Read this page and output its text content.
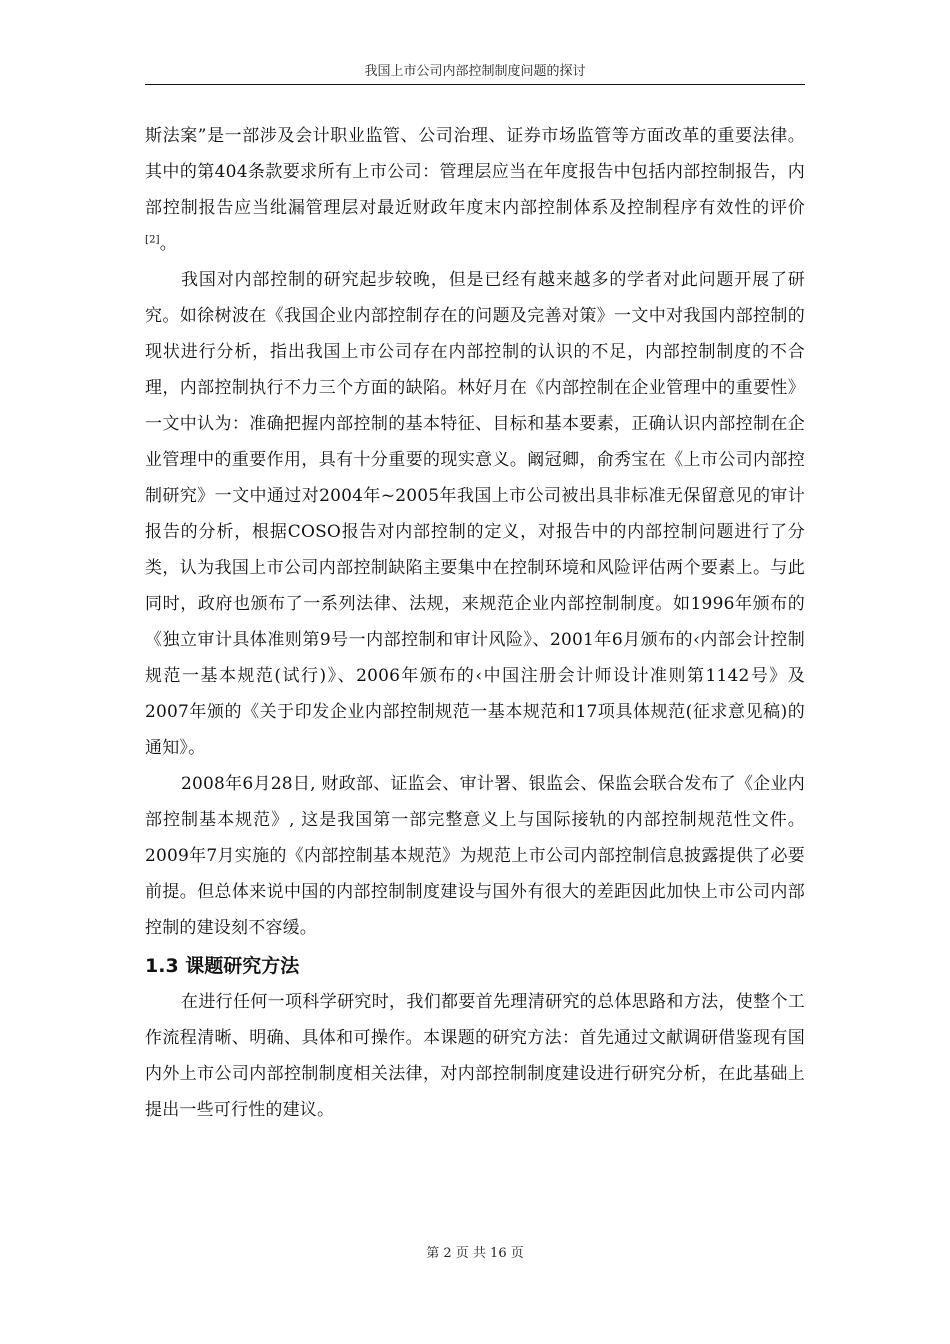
我国上市公司内部控制制度问题的探讨

斯法案”是一部涉及会计职业监管、公司治理、证券市场监管等方面改革的重要法律。其中的第404条款要求所有上市公司：管理层应当在年度报告中包括内部控制报告，内部控制报告应当纰漏管理层对最近财政年度末内部控制体系及控制程序有效性的评价[2]。

我国对内部控制的研究起步较晚，但是已经有越来越多的学者对此问题开展了研究。如徐树波在《我国企业内部控制存在的问题及完善对策》一文中对我国内部控制的现状进行分析，指出我国上市公司存在内部控制的认识的不足，内部控制制度的不合理，内部控制执行不力三个方面的缺陷。林好月在《内部控制在企业管理中的重要性》一文中认为：准确把握内部控制的基本特征、目标和基本要素，正确认识内部控制在企业管理中的重要作用，具有十分重要的现实意义。阚冠卿，俞秀宝在《上市公司内部控制研究》一文中通过对2004年~2005年我国上市公司被出具非标准无保留意见的审计报告的分析，根据COSO报告对内部控制的定义，对报告中的内部控制问题进行了分类，认为我国上市公司内部控制缺陷主要集中在控制环境和风险评估两个要素上。与此同时，政府也颁布了一系列法律、法规，来规范企业内部控制制度。如1996年颁布的《独立审计具体准则第9号一内部控制和审计风险》、2001年6月颁布的‹内部会计控制规范一基本规范(试行)》、2006年颁布的‹中国注册会计师设计准则第1142号》及2007年颁的《关于印发企业内部控制规范一基本规范和17项具体规范(征求意见稿)的通知》。

2008年6月28日, 财政部、证监会、审计署、银监会、保监会联合发布了《企业内部控制基本规范》, 这是我国第一部完整意义上与国际接轨的内部控制规范性文件。2009年7月实施的《内部控制基本规范》为规范上市公司内部控制信息披露提供了必要前提。但总体来说中国的内部控制制度建设与国外有很大的差距因此加快上市公司内部控制的建设刻不容缓。

1.3 课题研究方法

在进行任何一项科学研究时，我们都要首先理清研究的总体思路和方法，使整个工作流程清晰、明确、具体和可操作。本课题的研究方法：首先通过文献调研借鉴现有国内外上市公司内部控制制度相关法律，对内部控制制度建设进行研究分析，在此基础上提出一些可行性的建议。

第 2 页 共 16 页
